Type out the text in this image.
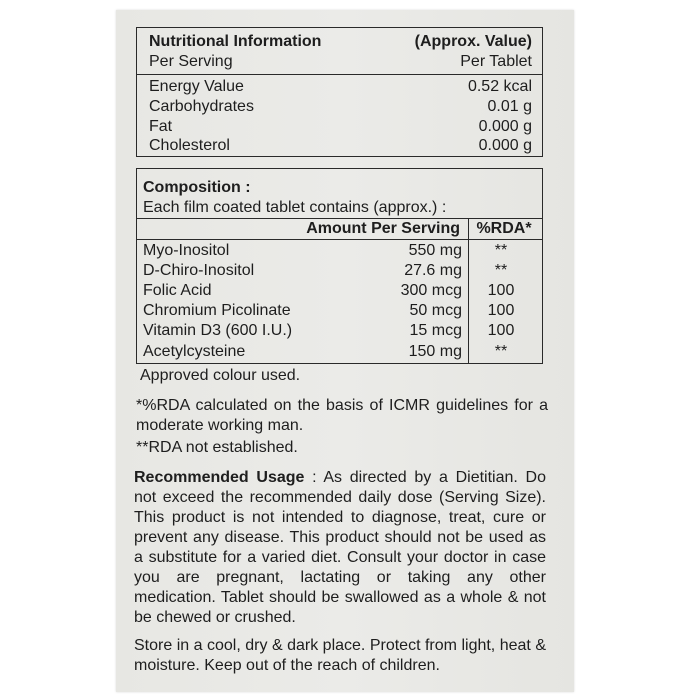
Nutritional Information	(Approx. Value)
Per Serving	Per Tablet
Energy Value	0.52 kcal
Carbohydrates	0.01 g
Fat	0.000 g
Cholesterol	0.000 g
Composition :
Each film coated tablet contains (approx.) :
Amount Per Serving %RDA*
Myo-Inositol	550 mg	**
D-Chiro-Inositol	27.6 mg	**
Folic Acid	300 mcg	100
Chromium Picolinate	50 mcg	100
Vitamin D3 (600 I.U.)	15 mcg	100
Acetylcysteine	150 mg	**
Approved colour used.
*%RDA calculated on the basis of ICMR guidelines for a moderate working man.
**RDA not established.
Recommended Usage : As directed by a Dietitian. Do not exceed the recommended daily dose (Serving Size). This product is not intended to diagnose, treat, cure or prevent any disease. This product should not be used as a substitute for a varied diet. Consult your doctor in case you are pregnant, lactating or taking any other medication. Tablet should be swallowed as a whole & not be chewed or crushed.
Store in a cool, dry & dark place. Protect from light, heat & moisture. Keep out of the reach of children.
